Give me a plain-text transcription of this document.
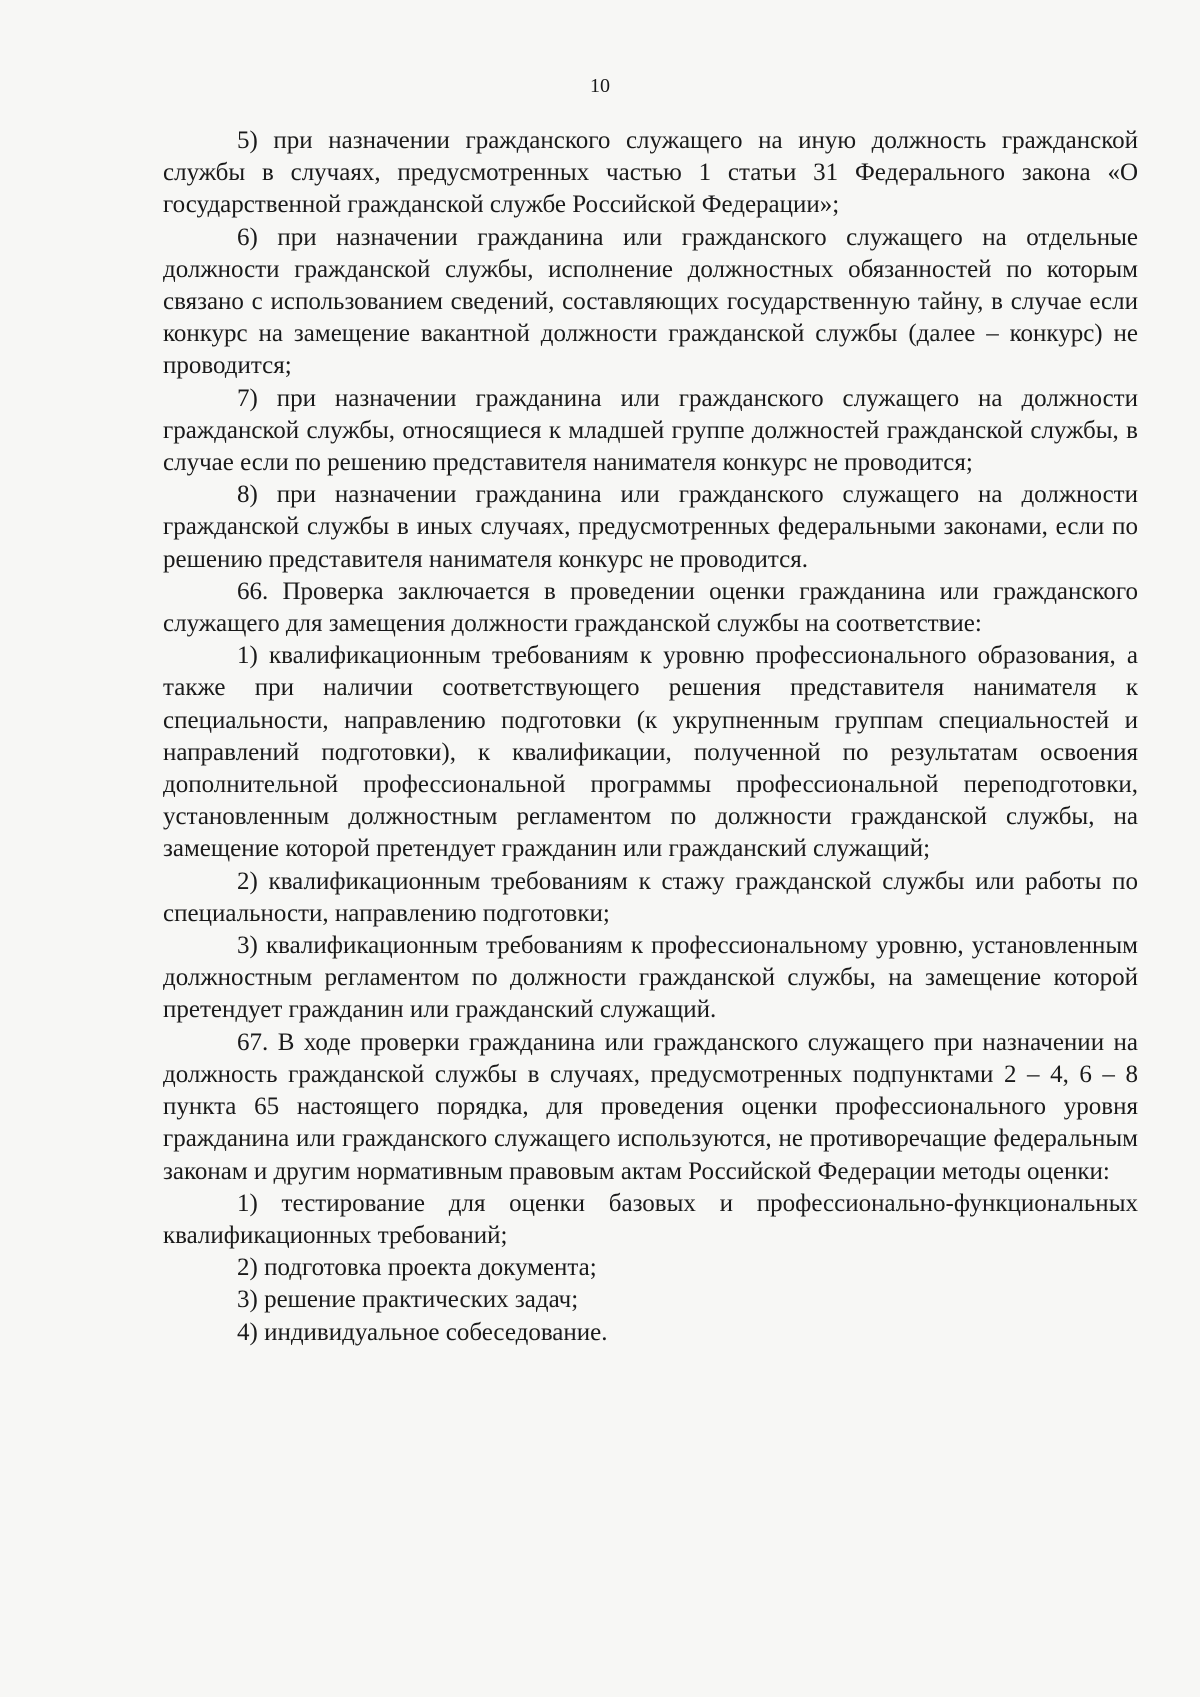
10

5) при назначении гражданского служащего на иную должность гражданской службы в случаях, предусмотренных частью 1 статьи 31 Федерального закона «О государственной гражданской службе Российской Федерации»;

6) при назначении гражданина или гражданского служащего на отдельные должности гражданской службы, исполнение должностных обязанностей по которым связано с использованием сведений, составляющих государственную тайну, в случае если конкурс на замещение вакантной должности гражданской службы (далее – конкурс) не проводится;

7) при назначении гражданина или гражданского служащего на должности гражданской службы, относящиеся к младшей группе должностей гражданской службы, в случае если по решению представителя нанимателя конкурс не проводится;

8) при назначении гражданина или гражданского служащего на должности гражданской службы в иных случаях, предусмотренных федеральными законами, если по решению представителя нанимателя конкурс не проводится.

66. Проверка заключается в проведении оценки гражданина или гражданского служащего для замещения должности гражданской службы на соответствие:

1) квалификационным требованиям к уровню профессионального образования, а также при наличии соответствующего решения представителя нанимателя к специальности, направлению подготовки (к укрупненным группам специальностей и направлений подготовки), к квалификации, полученной по результатам освоения дополнительной профессиональной программы профессиональной переподготовки, установленным должностным регламентом по должности гражданской службы, на замещение которой претендует гражданин или гражданский служащий;

2) квалификационным требованиям к стажу гражданской службы или работы по специальности, направлению подготовки;

3) квалификационным требованиям к профессиональному уровню, установленным должностным регламентом по должности гражданской службы, на замещение которой претендует гражданин или гражданский служащий.

67. В ходе проверки гражданина или гражданского служащего при назначении на должность гражданской службы в случаях, предусмотренных подпунктами 2 – 4, 6 – 8 пункта 65 настоящего порядка, для проведения оценки профессионального уровня гражданина или гражданского служащего используются, не противоречащие федеральным законам и другим нормативным правовым актам Российской Федерации методы оценки:

1) тестирование для оценки базовых и профессионально-функциональных квалификационных требований;

2) подготовка проекта документа;

3) решение практических задач;

4) индивидуальное собеседование.
